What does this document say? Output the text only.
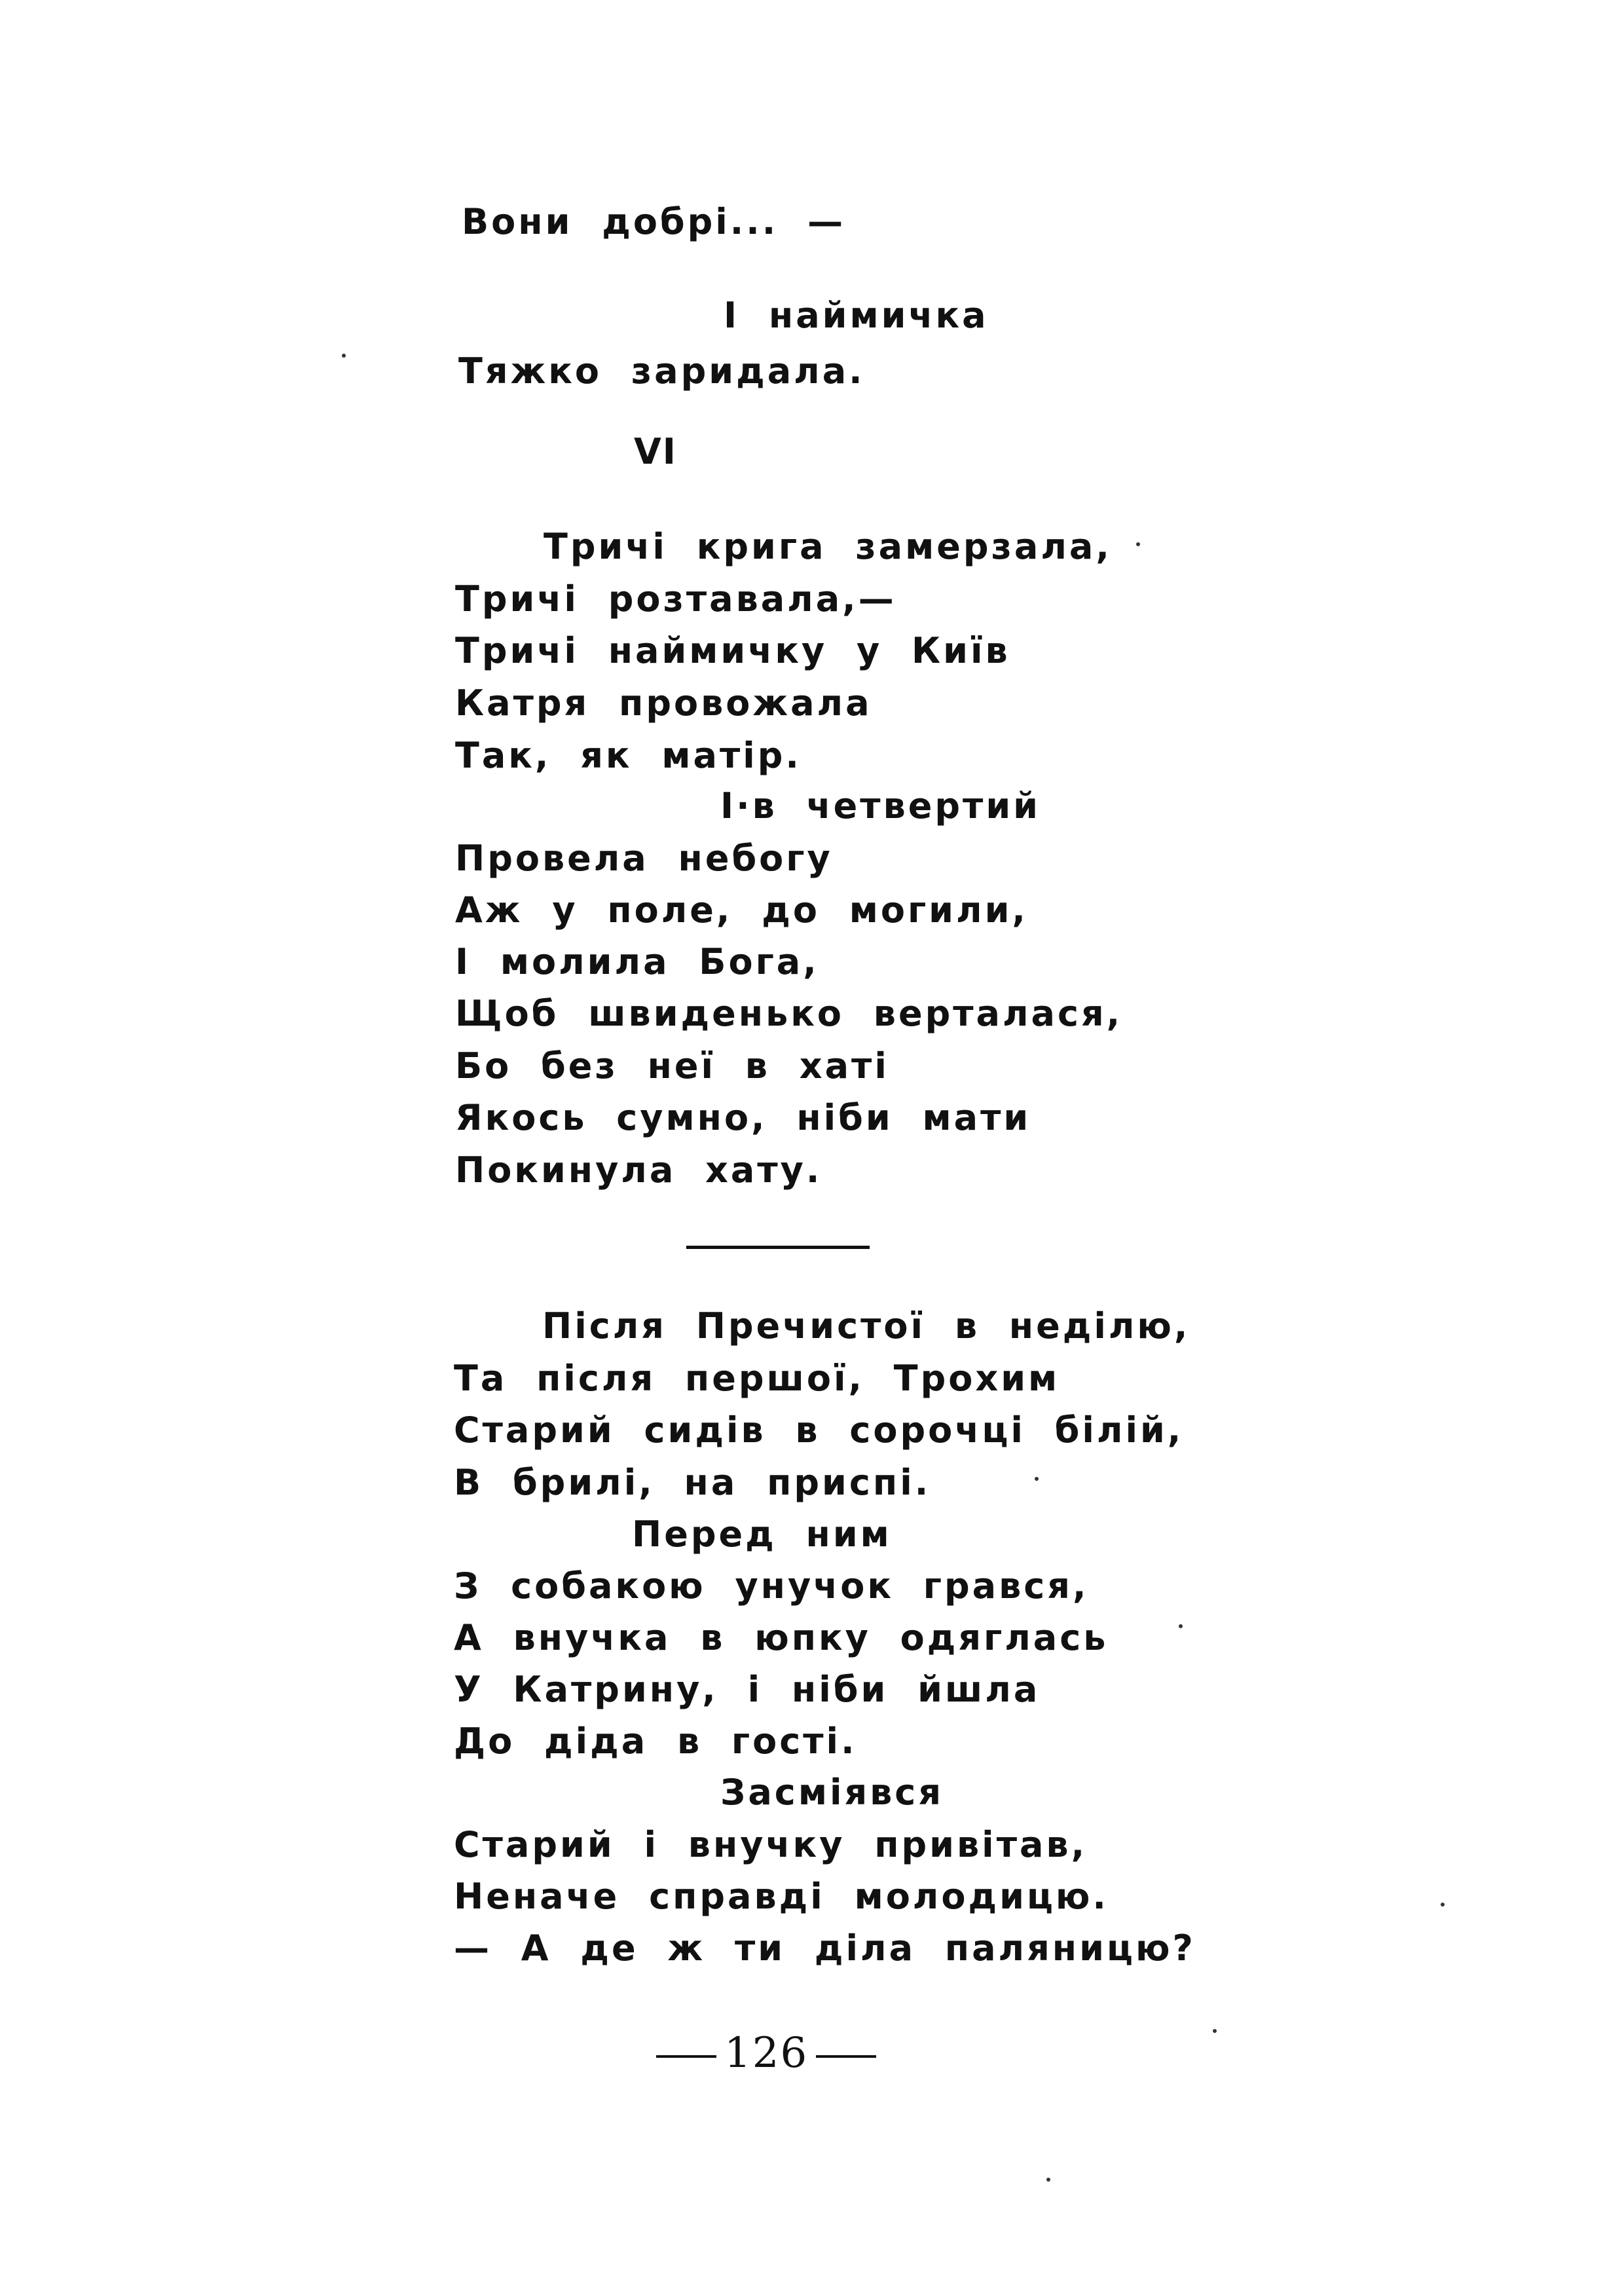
Вони добрі... —
І наймичка
Тяжко заридала.
VI
Тричі крига замерзала,
Тричі розтавала,—
Тричі наймичку у Київ
Катря провожала
Так, як матір.
І·в четвертий
Провела небогу
Аж у поле, до могили,
І молила Бога,
Щоб швиденько верталася,
Бо без неї в хаті
Якось сумно, ніби мати
Покинула хату.
Після Пречистої в неділю,
Та після першої, Трохим
Старий сидів в сорочці білій,
В брилі, на приспі.
Перед ним
З собакою унучок грався,
А внучка в юпку одяглась
У Катрину, і ніби йшла
До діда в гості.
Засміявся
Старий і внучку привітав,
Неначе справді молодицю.
— А де ж ти діла паляницю?
126
